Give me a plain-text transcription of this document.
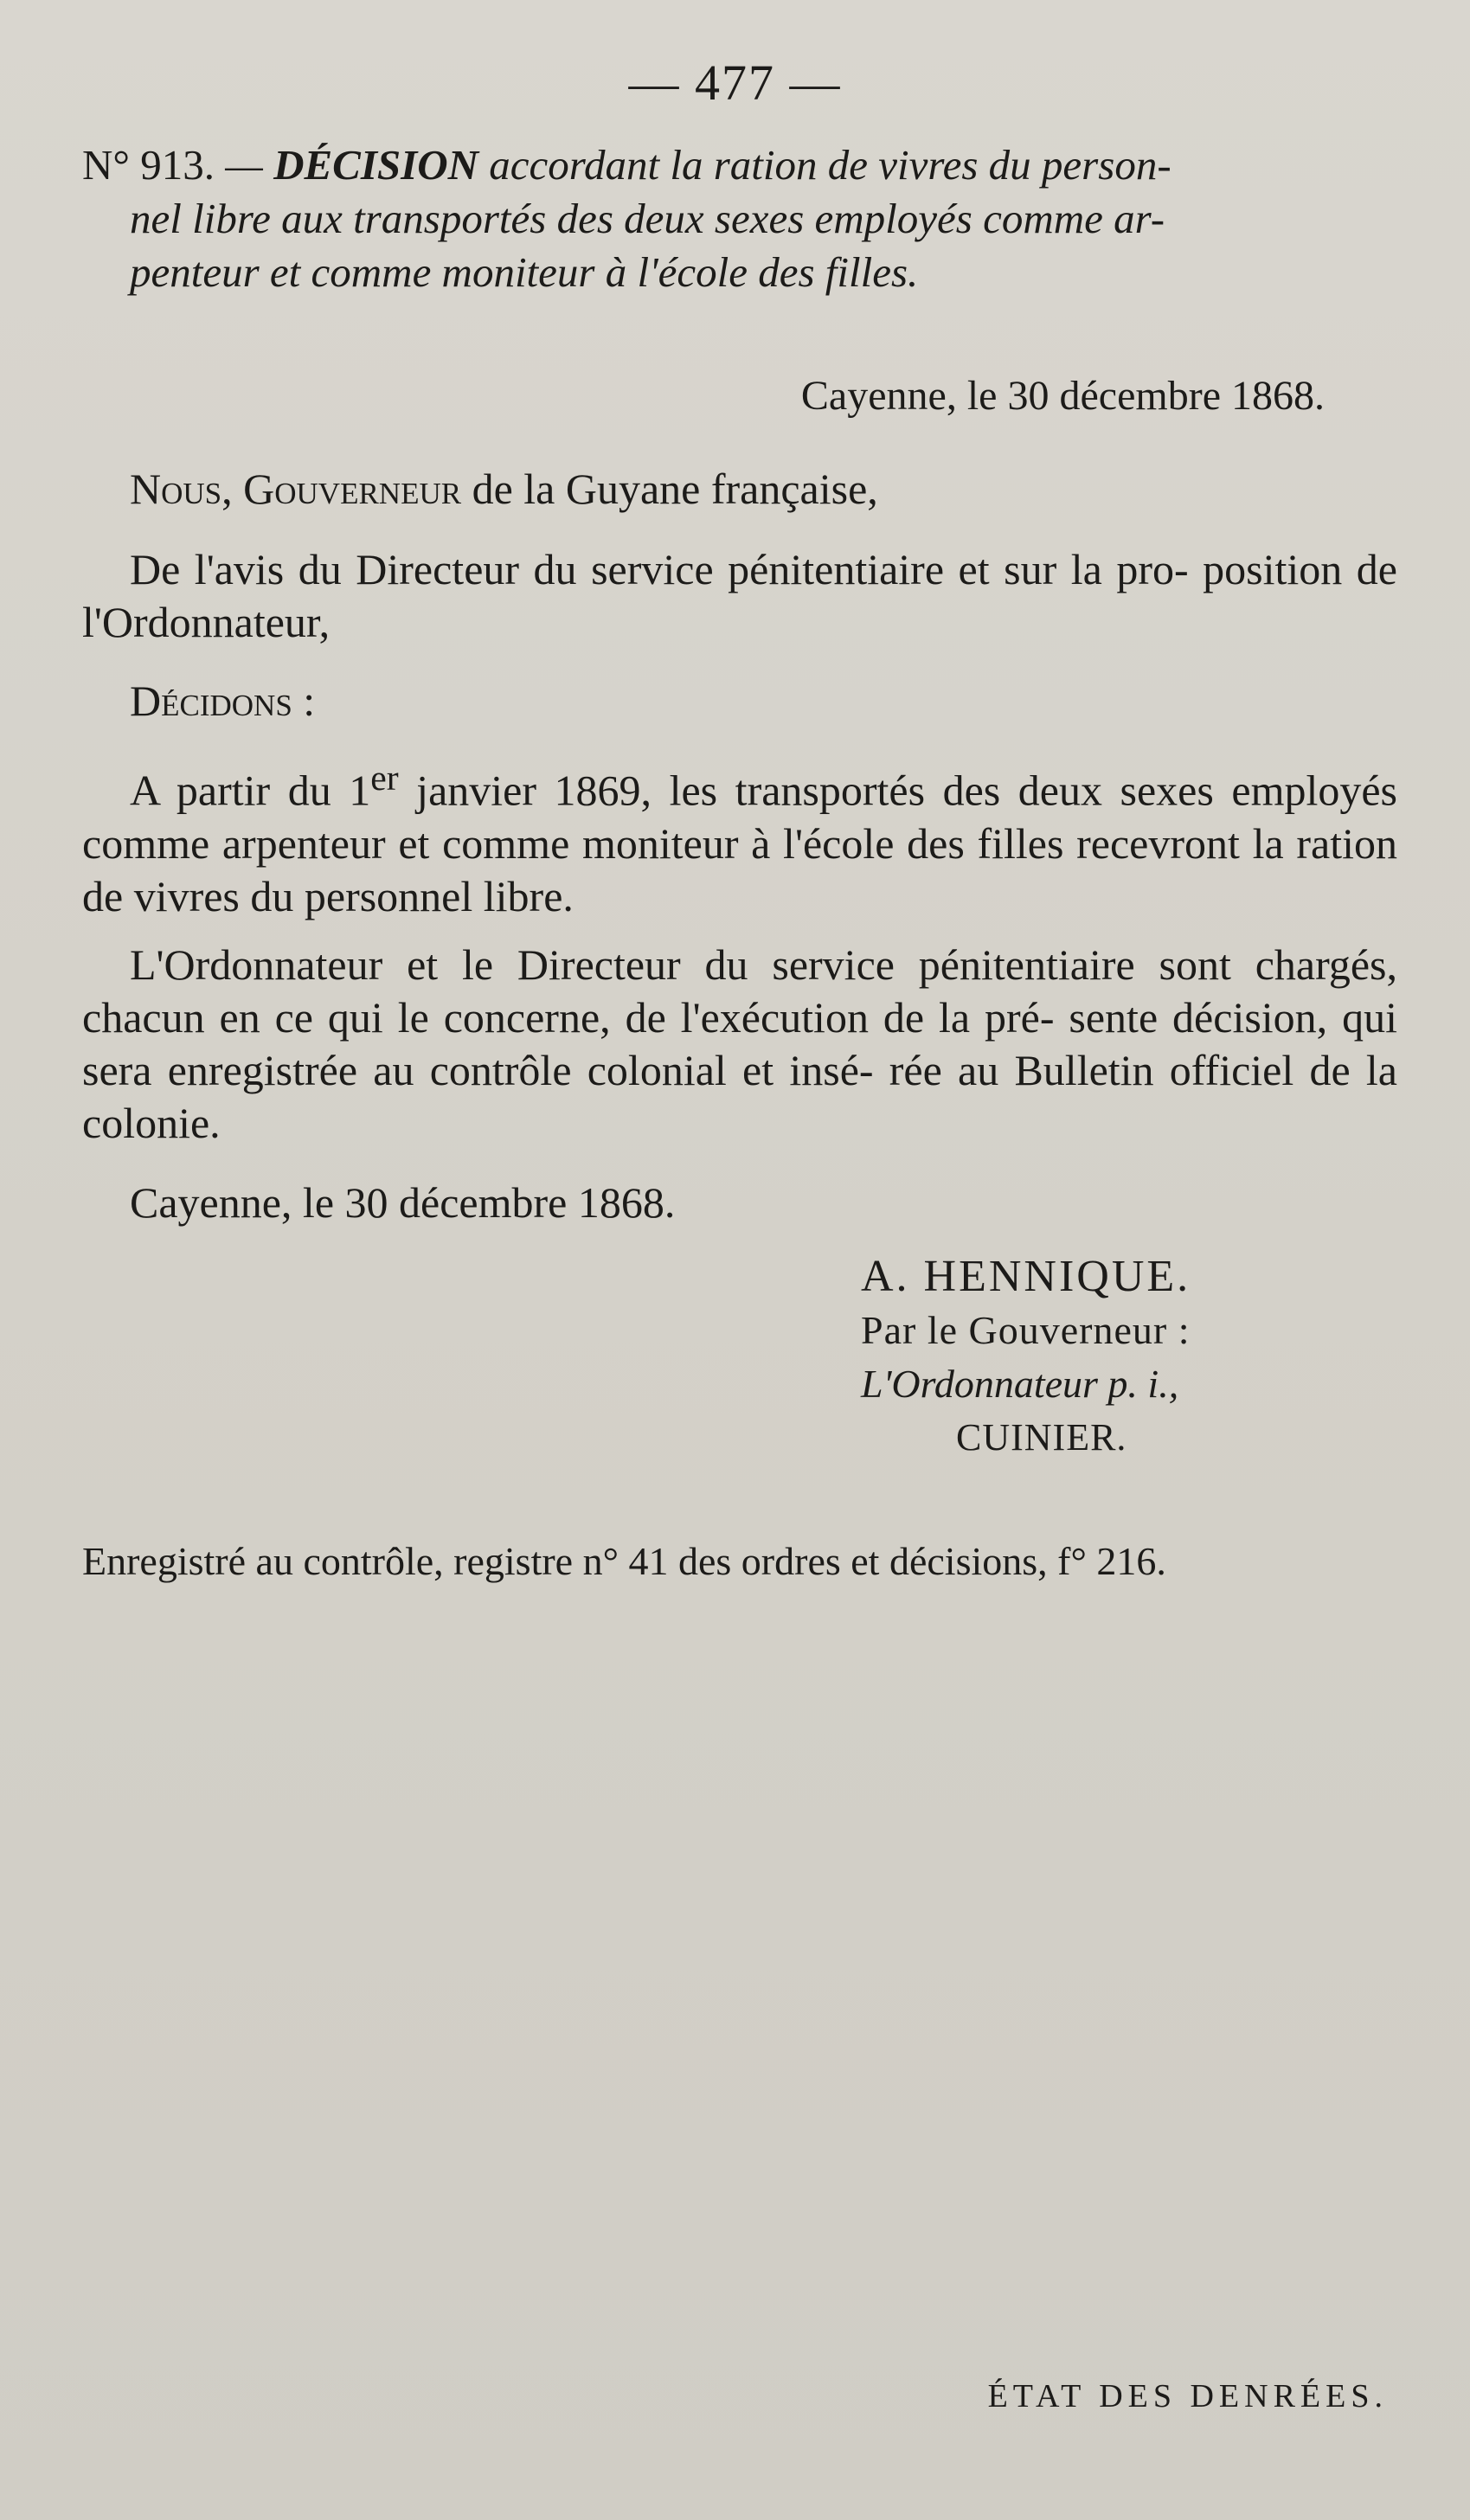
— 477 —
N° 913. — DÉCISION accordant la ration de vivres du person-
nel libre aux transportés des deux sexes employés comme ar-
penteur et comme moniteur à l'école des filles.
Cayenne, le 30 décembre 1868.

Nous, Gouverneur de la Guyane française,

De l'avis du Directeur du service pénitentiaire et sur la pro- position de l'Ordonnateur,

Décidons :

A partir du 1er janvier 1869, les transportés des deux sexes employés comme arpenteur et comme moniteur à l'école des filles recevront la ration de vivres du personnel libre.

L'Ordonnateur et le Directeur du service pénitentiaire sont chargés, chacun en ce qui le concerne, de l'exécution de la pré- sente décision, qui sera enregistrée au contrôle colonial et insé- rée au Bulletin officiel de la colonie.

Cayenne, le 30 décembre 1868.

A. HENNIQUE.
Par le Gouverneur :
L'Ordonnateur p. i.,
CUINIER.
Enregistré au contrôle, registre n° 41 des ordres et décisions, f° 216.
ÉTAT DES DENRÉES.
